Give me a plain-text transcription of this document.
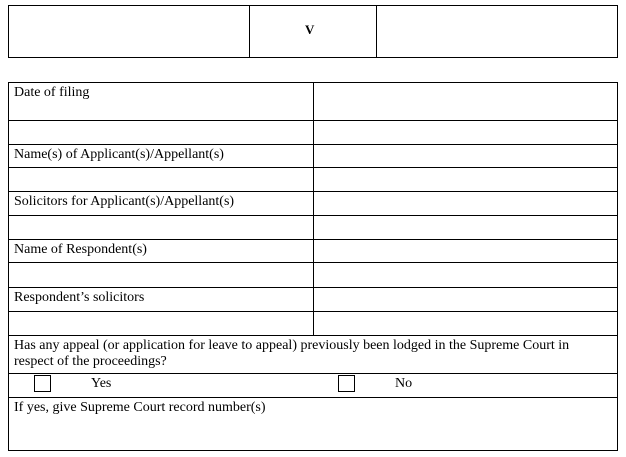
V
Date of filing
Name(s) of Applicant(s)/Appellant(s)
Solicitors for Applicant(s)/Appellant(s)
Name of Respondent(s)
Respondent’s solicitors
Has any appeal (or application for leave to appeal) previously been lodged in the Supreme Court in respect of the proceedings?
Yes	No
If yes, give Supreme Court record number(s)
